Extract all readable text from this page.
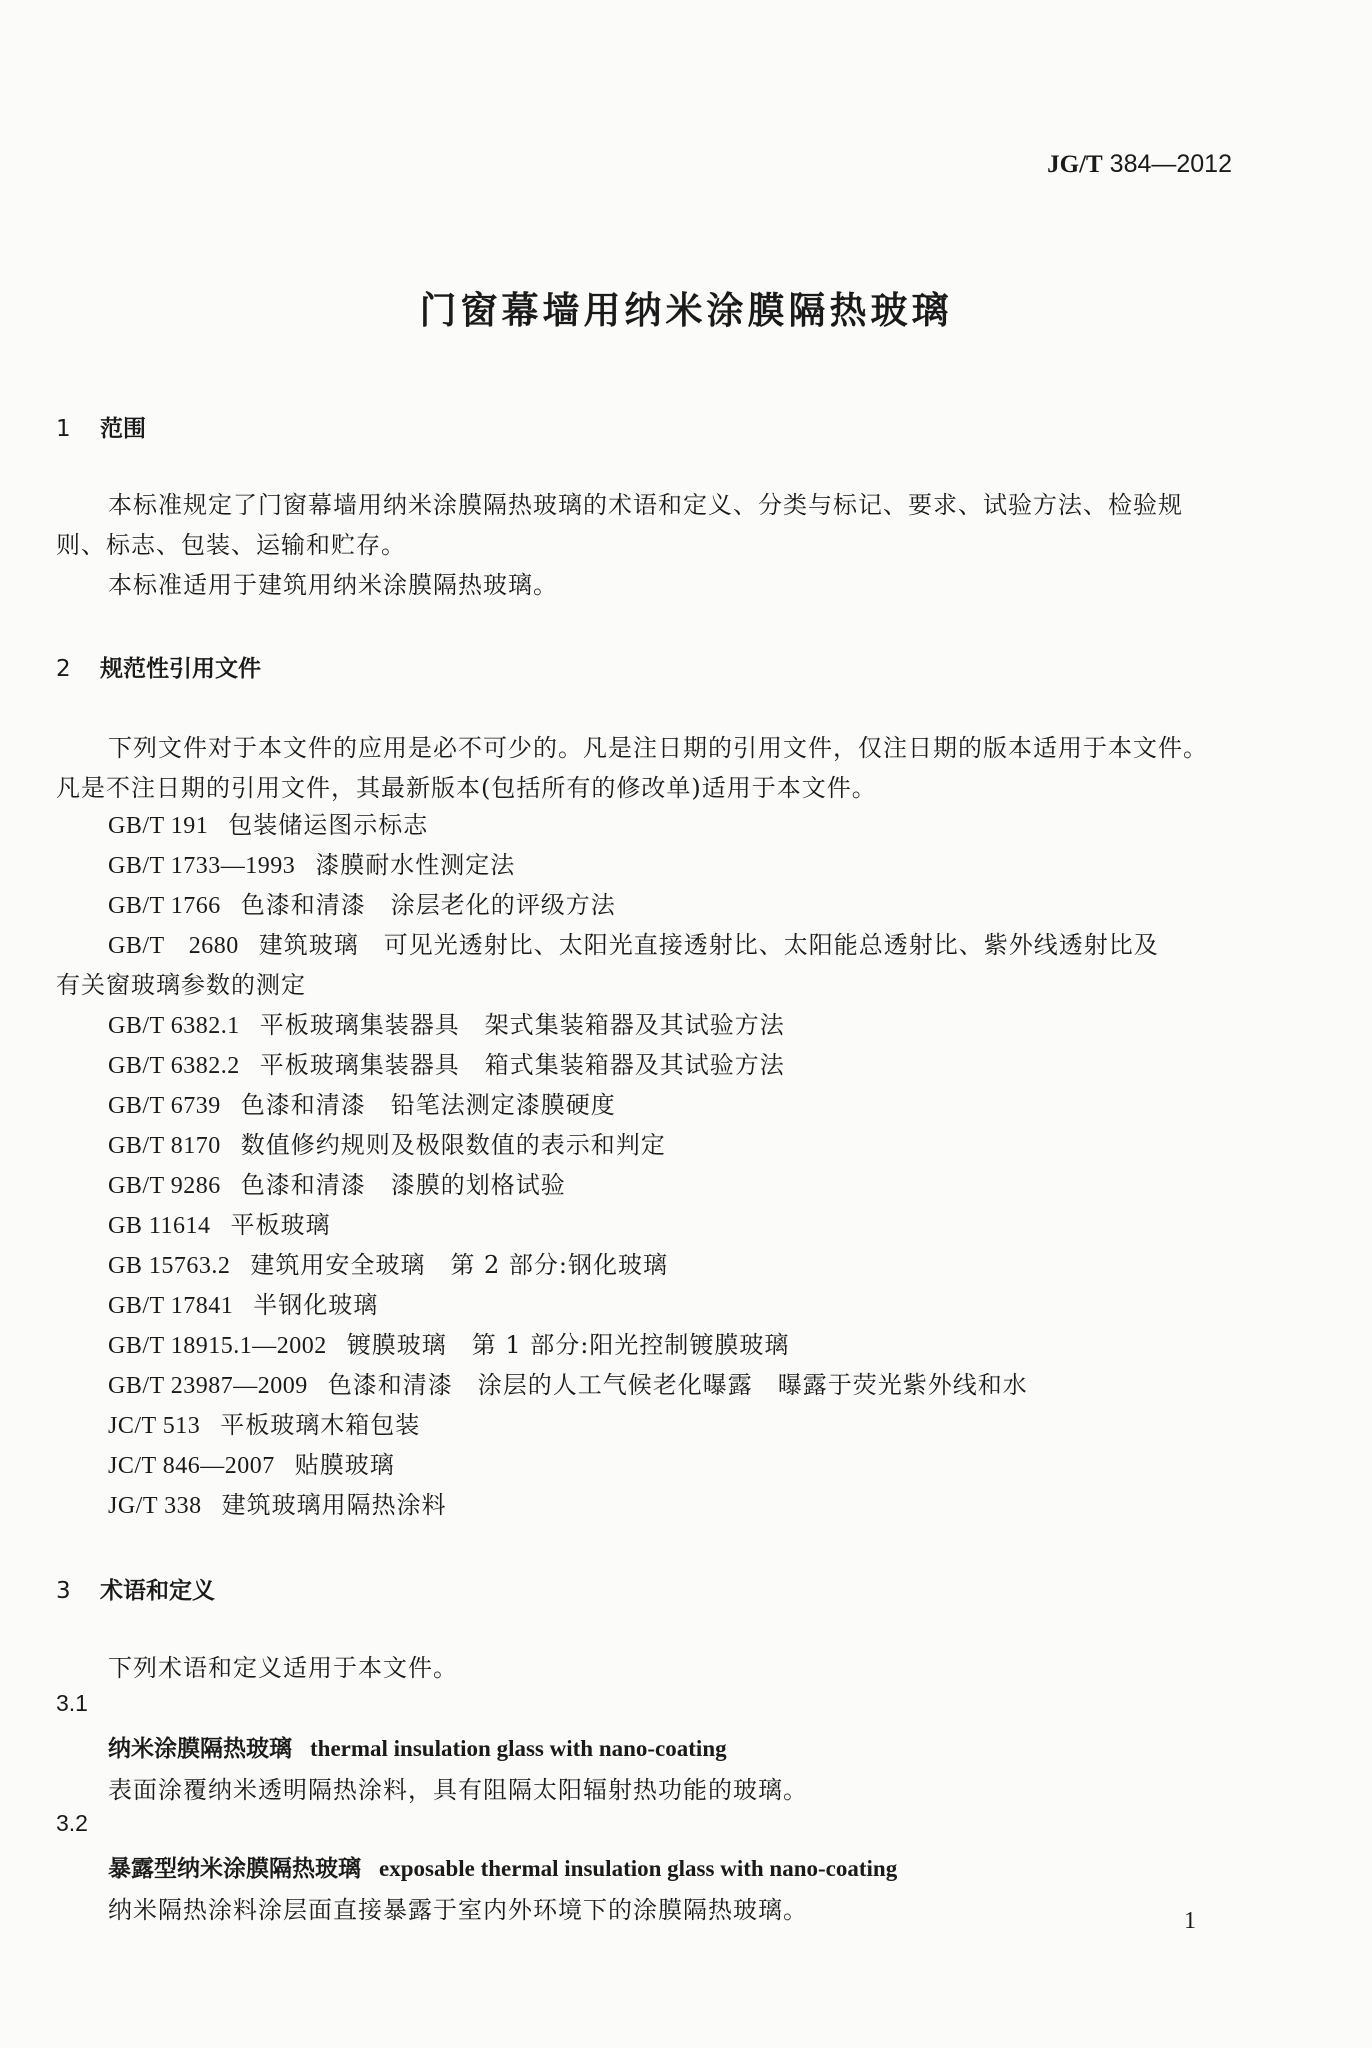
JG/T 384—2012
门窗幕墙用纳米涂膜隔热玻璃
1 范围
本标准规定了门窗幕墙用纳米涂膜隔热玻璃的术语和定义、分类与标记、要求、试验方法、检验规则、标志、包装、运输和贮存。
本标准适用于建筑用纳米涂膜隔热玻璃。
2 规范性引用文件
下列文件对于本文件的应用是必不可少的。凡是注日期的引用文件，仅注日期的版本适用于本文件。凡是不注日期的引用文件，其最新版本(包括所有的修改单)适用于本文件。
GB/T 191 包装储运图示标志
GB/T 1733—1993 漆膜耐水性测定法
GB/T 1766 色漆和清漆　涂层老化的评级方法
GB/T　2680 建筑玻璃　可见光透射比、太阳光直接透射比、太阳能总透射比、紫外线透射比及
有关窗玻璃参数的测定
GB/T 6382.1 平板玻璃集装器具　架式集装箱器及其试验方法
GB/T 6382.2 平板玻璃集装器具　箱式集装箱器及其试验方法
GB/T 6739 色漆和清漆　铅笔法测定漆膜硬度
GB/T 8170 数值修约规则及极限数值的表示和判定
GB/T 9286 色漆和清漆　漆膜的划格试验
GB 11614 平板玻璃
GB 15763.2 建筑用安全玻璃　第 2 部分:钢化玻璃
GB/T 17841 半钢化玻璃
GB/T 18915.1—2002 镀膜玻璃　第 1 部分:阳光控制镀膜玻璃
GB/T 23987—2009 色漆和清漆　涂层的人工气候老化曝露　曝露于荧光紫外线和水
JC/T 513 平板玻璃木箱包装
JC/T 846—2007 贴膜玻璃
JG/T 338 建筑玻璃用隔热涂料
3 术语和定义
下列术语和定义适用于本文件。
3.1
纳米涂膜隔热玻璃 thermal insulation glass with nano-coating
表面涂覆纳米透明隔热涂料，具有阻隔太阳辐射热功能的玻璃。
3.2
暴露型纳米涂膜隔热玻璃 exposable thermal insulation glass with nano-coating
纳米隔热涂料涂层面直接暴露于室内外环境下的涂膜隔热玻璃。	1
